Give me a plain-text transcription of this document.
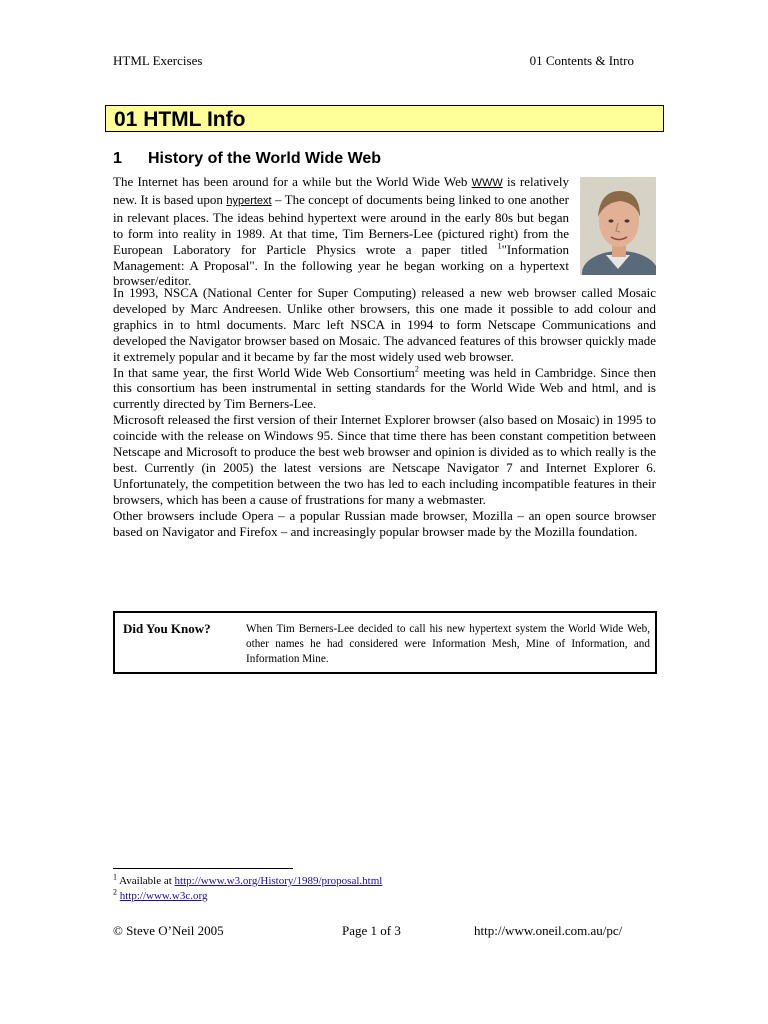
HTML Exercises	01 Contents & Intro
01 HTML Info
1 History of the World Wide Web

The Internet has been around for a while but the World Wide Web WWW is relatively new. It is based upon hypertext – The concept of documents being linked to one another in relevant places. The ideas behind hypertext were around in the early 80s but began to form into reality in 1989. At that time, Tim Berners-Lee (pictured right) from the European Laboratory for Particle Physics wrote a paper titled $^1$"Information Management: A Proposal". In the following year he began working on a hypertext browser/editor.

In 1993, NSCA (National Center for Super Computing) released a new web browser called Mosaic developed by Marc Andreesen. Unlike other browsers, this one made it possible to add colour and graphics in to html documents. Marc left NSCA in 1994 to form Netscape Communications and developed the Navigator browser based on Mosaic. The advanced features of this browser quickly made it extremely popular and it became by far the most widely used web browser.

In that same year, the first World Wide Web Consortium$^2$ meeting was held in Cambridge. Since then this consortium has been instrumental in setting standards for the World Wide Web and html, and is currently directed by Tim Berners-Lee.

Microsoft released the first version of their Internet Explorer browser (also based on Mosaic) in 1995 to coincide with the release on Windows 95. Since that time there has been constant competition between Netscape and Microsoft to produce the best web browser and opinion is divided as to which really is the best. Currently (in 2005) the latest versions are Netscape Navigator 7 and Internet Explorer 6. Unfortunately, the competition between the two has led to each including incompatible features in their browsers, which has been a cause of frustrations for many a webmaster.

Other browsers include Opera – a popular Russian made browser, Mozilla – an open source browser based on Navigator and Firefox – and increasingly popular browser made by the Mozilla foundation.

Did You Know?	When Tim Berners-Lee decided to call his new hypertext system the World Wide Web, other names he had considered were Information Mesh, Mine of Information, and Information Mine.
$^1$ Available at http://www.w3.org/History/1989/proposal.html
$^2$ http://www.w3c.org
© Steve O’Neil 2005	Page 1 of 3	http://www.oneil.com.au/pc/
